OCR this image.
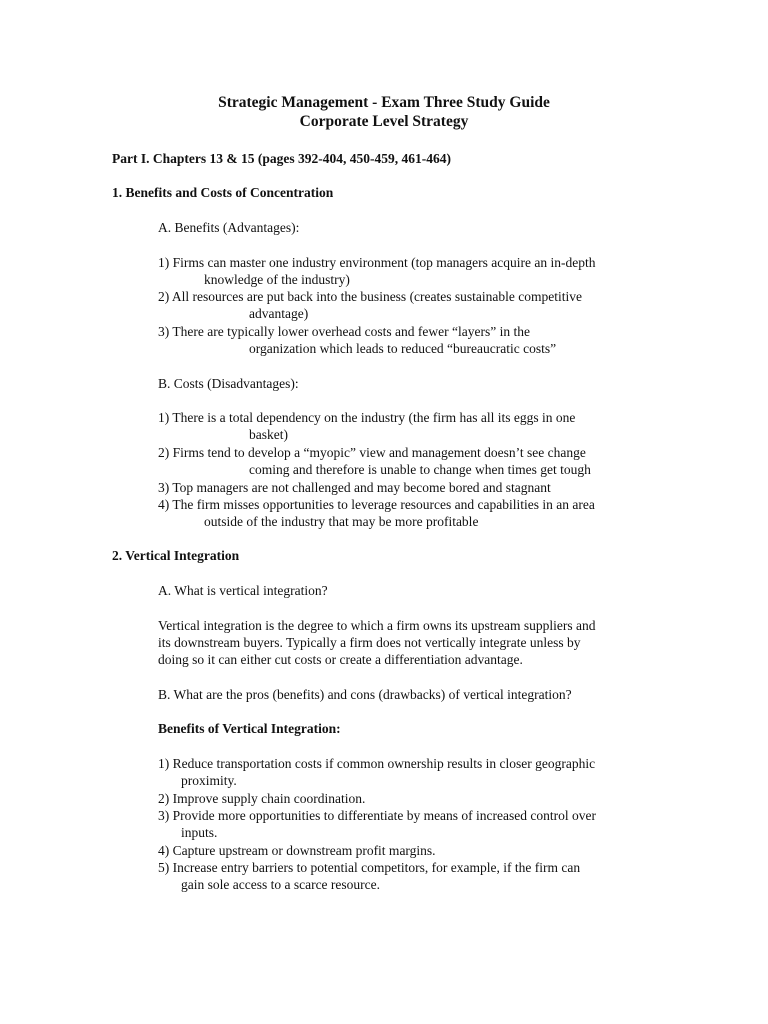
Strategic Management - Exam Three Study Guide
Corporate Level Strategy
Part I. Chapters 13 & 15 (pages 392-404, 450-459, 461-464)
1. Benefits and Costs of Concentration
A. Benefits (Advantages):
1) Firms can master one industry environment (top managers acquire an in-depth
knowledge of the industry)
2) All resources are put back into the business (creates sustainable competitive
advantage)
3) There are typically lower overhead costs and fewer “layers” in the
organization which leads to reduced “bureaucratic costs”
B. Costs (Disadvantages):
1) There is a total dependency on the industry (the firm has all its eggs in one
basket)
2) Firms tend to develop a “myopic” view and management doesn’t see change
coming and therefore is unable to change when times get tough
3) Top managers are not challenged and may become bored and stagnant
4) The firm misses opportunities to leverage resources and capabilities in an area
outside of the industry that may be more profitable
2. Vertical Integration
A. What is vertical integration?
Vertical integration is the degree to which a firm owns its upstream suppliers and
its downstream buyers. Typically a firm does not vertically integrate unless by
doing so it can either cut costs or create a differentiation advantage.
B. What are the pros (benefits) and cons (drawbacks) of vertical integration?
Benefits of Vertical Integration:
1) Reduce transportation costs if common ownership results in closer geographic
proximity.
2) Improve supply chain coordination.
3) Provide more opportunities to differentiate by means of increased control over
inputs.
4) Capture upstream or downstream profit margins.
5) Increase entry barriers to potential competitors, for example, if the firm can
gain sole access to a scarce resource.
